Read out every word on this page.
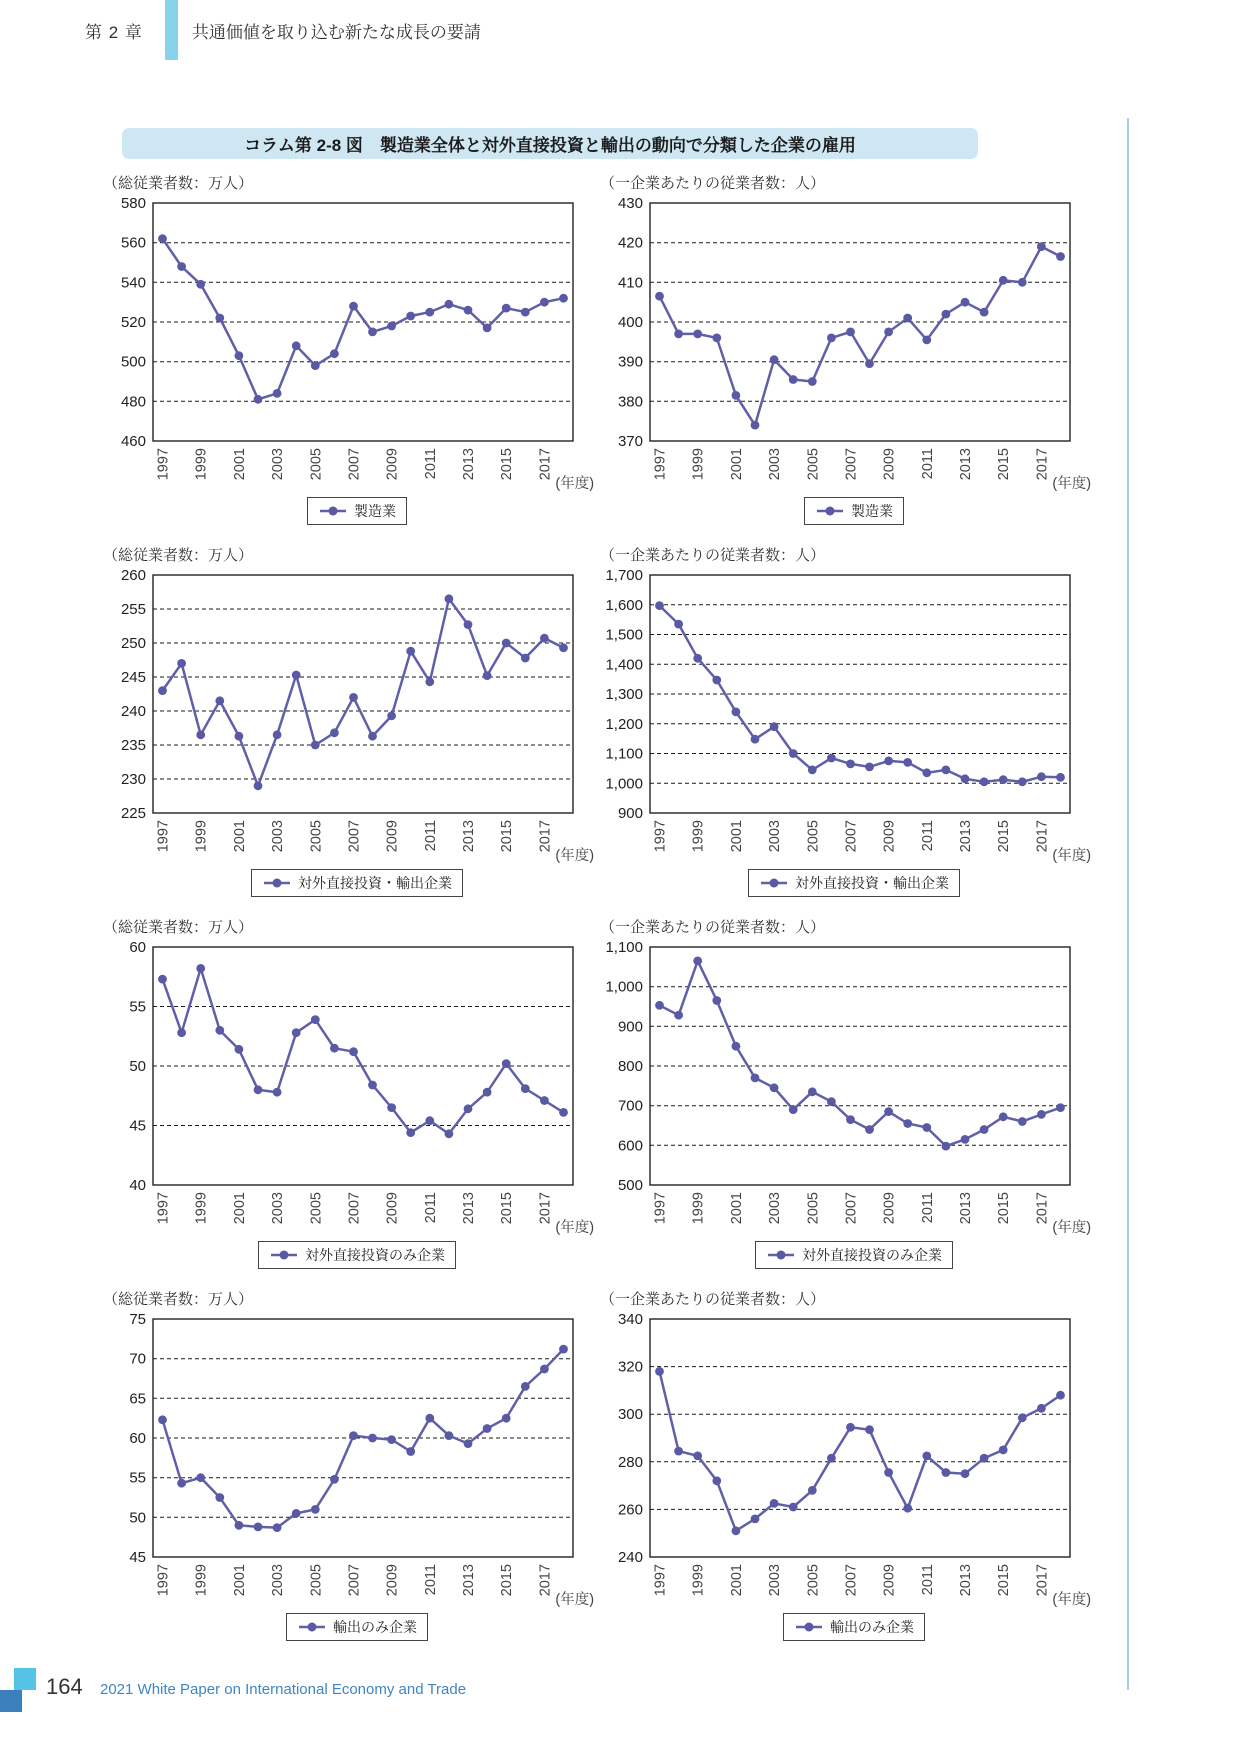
第 2 章	共通価値を取り込む新たな成長の要請
コラム第 2-8 図　製造業全体と対外直接投資と輸出の動向で分類した企業の雇用
（総従業者数：万人）
460
480
500
520
540
560
580
1997 1999 2001 2003 2005 2007 2009 2011 2013 2015 2017
(年度)
製造業
（一企業あたりの従業者数：人）
370
380
390
400
410
420
430
1997 1999 2001 2003 2005 2007 2009 2011 2013 2015 2017
(年度)
製造業
（総従業者数：万人）
225
230
235
240
245
250
255
260
1997 1999 2001 2003 2005 2007 2009 2011 2013 2015 2017
(年度)
対外直接投資・輸出企業
（一企業あたりの従業者数：人）
900
1,000
1,100
1,200
1,300
1,400
1,500
1,600
1,700
1997 1999 2001 2003 2005 2007 2009 2011 2013 2015 2017
(年度)
対外直接投資・輸出企業
（総従業者数：万人）
40
45
50
55
60
1997 1999 2001 2003 2005 2007 2009 2011 2013 2015 2017
(年度)
対外直接投資のみ企業
（一企業あたりの従業者数：人）
500
600
700
800
900
1,000
1,100
1997 1999 2001 2003 2005 2007 2009 2011 2013 2015 2017
(年度)
対外直接投資のみ企業
（総従業者数：万人）
45
50
55
60
65
70
75
1997 1999 2001 2003 2005 2007 2009 2011 2013 2015 2017
(年度)
輸出のみ企業
（一企業あたりの従業者数：人）
240
260
280
300
320
340
1997 1999 2001 2003 2005 2007 2009 2011 2013 2015 2017
(年度)
輸出のみ企業
164 2021 White Paper on International Economy and Trade
